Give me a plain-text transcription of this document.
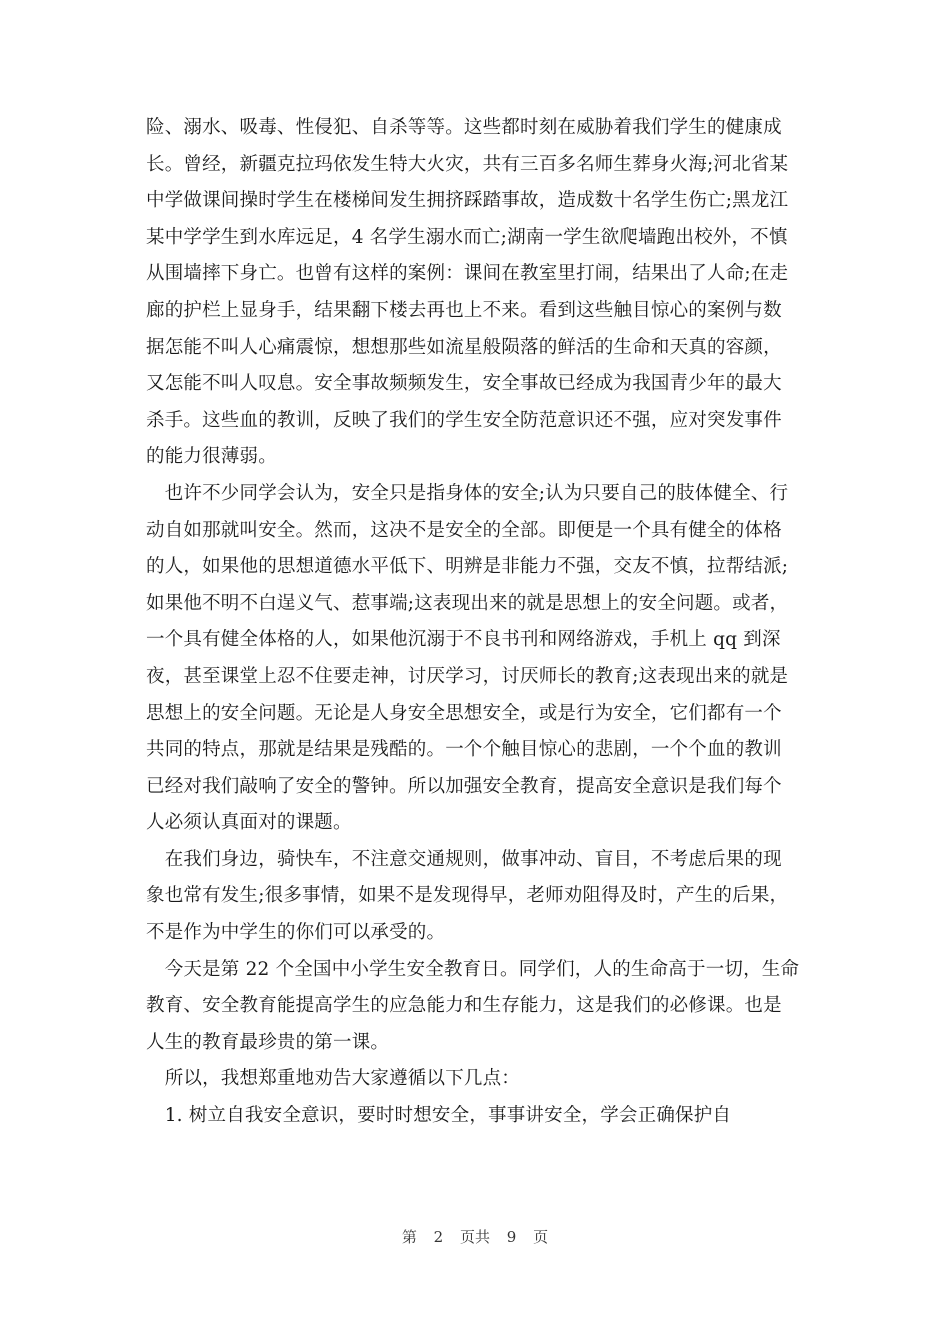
险、溺水、吸毒、性侵犯、自杀等等。这些都时刻在威胁着我们学生的健康成
长。曾经，新疆克拉玛依发生特大火灾，共有三百多名师生葬身火海;河北省某
中学做课间操时学生在楼梯间发生拥挤踩踏事故，造成数十名学生伤亡;黑龙江
某中学学生到水库远足，4 名学生溺水而亡;湖南一学生欲爬墙跑出校外，不慎
从围墙摔下身亡。也曾有这样的案例：课间在教室里打闹，结果出了人命;在走
廊的护栏上显身手，结果翻下楼去再也上不来。看到这些触目惊心的案例与数
据怎能不叫人心痛震惊，想想那些如流星般陨落的鲜活的生命和天真的容颜，
又怎能不叫人叹息。安全事故频频发生，安全事故已经成为我国青少年的最大
杀手。这些血的教训，反映了我们的学生安全防范意识还不强，应对突发事件
的能力很薄弱。
　也许不少同学会认为，安全只是指身体的安全;认为只要自己的肢体健全、行
动自如那就叫安全。然而，这决不是安全的全部。即便是一个具有健全的体格
的人，如果他的思想道德水平低下、明辨是非能力不强，交友不慎，拉帮结派;
如果他不明不白逞义气、惹事端;这表现出来的就是思想上的安全问题。或者，
一个具有健全体格的人，如果他沉溺于不良书刊和网络游戏，手机上 qq 到深
夜，甚至课堂上忍不住要走神，讨厌学习，讨厌师长的教育;这表现出来的就是
思想上的安全问题。无论是人身安全思想安全，或是行为安全，它们都有一个
共同的特点，那就是结果是残酷的。一个个触目惊心的悲剧，一个个血的教训
已经对我们敲响了安全的警钟。所以加强安全教育，提高安全意识是我们每个
人必须认真面对的课题。
　在我们身边，骑快车，不注意交通规则，做事冲动、盲目，不考虑后果的现
象也常有发生;很多事情，如果不是发现得早，老师劝阻得及时，产生的后果，
不是作为中学生的你们可以承受的。
　今天是第 22 个全国中小学生安全教育日。同学们，人的生命高于一切，生命
教育、安全教育能提高学生的应急能力和生存能力，这是我们的必修课。也是
人生的教育最珍贵的第一课。
　所以，我想郑重地劝告大家遵循以下几点：
　1. 树立自我安全意识，要时时想安全，事事讲安全，学会正确保护自
第 2 页共 9 页
